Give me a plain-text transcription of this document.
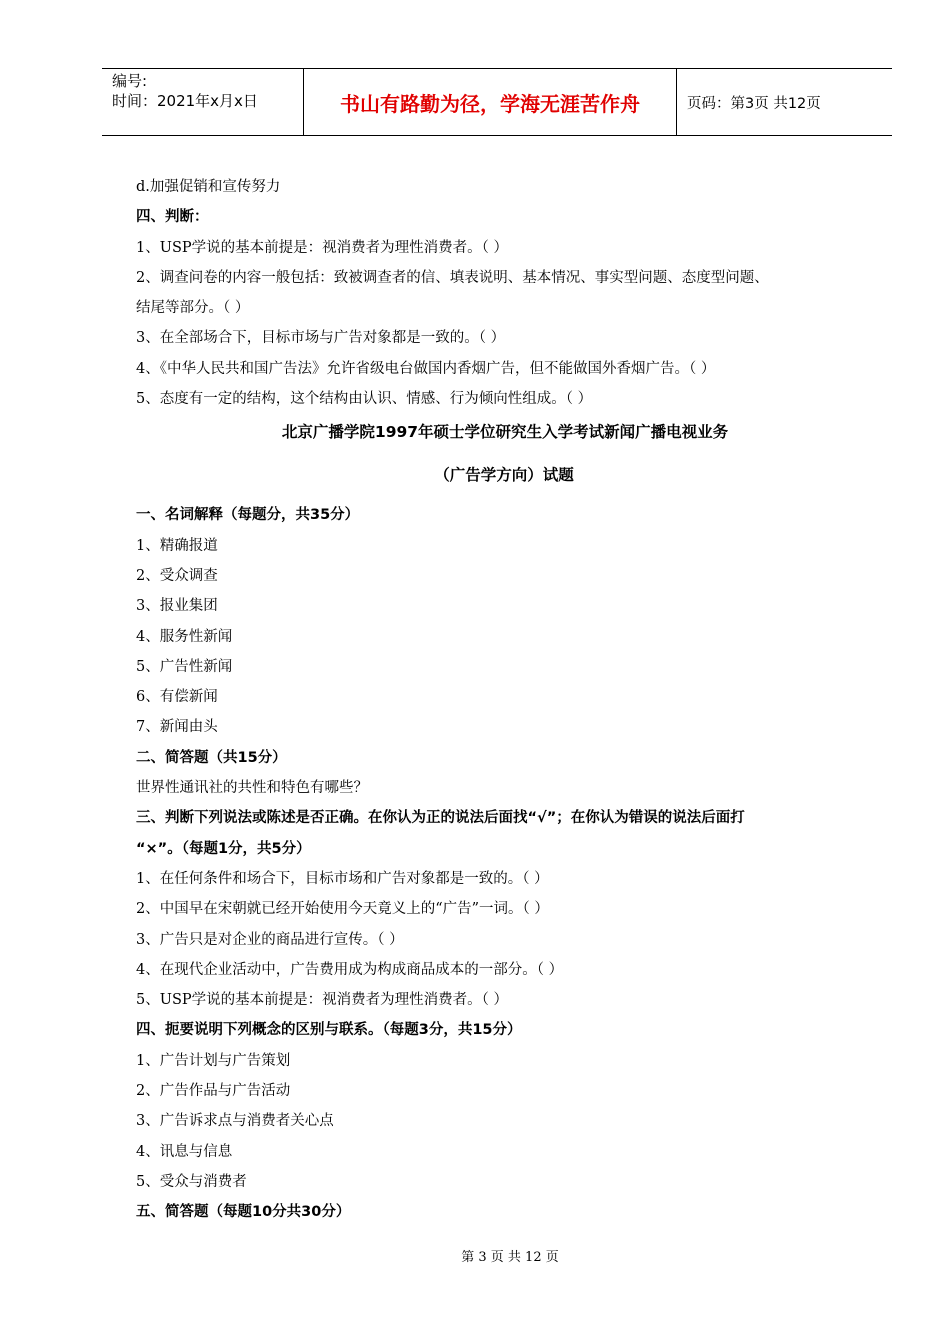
编号:
时间：2021年x月x日	书山有路勤为径，学海无涯苦作舟	页码：第3页 共12页
d.加强促销和宣传努力
四、判断：
1、USP学说的基本前提是：视消费者为理性消费者。（ ）
2、调查问卷的内容一般包括：致被调查者的信、填表说明、基本情况、事实型问题、态度型问题、
结尾等部分。（ ）
3、在全部场合下，目标市场与广告对象都是一致的。（ ）
4、《中华人民共和国广告法》允许省级电台做国内香烟广告，但不能做国外香烟广告。（ ）
5、态度有一定的结构，这个结构由认识、情感、行为倾向性组成。（ ）
北京广播学院1997年硕士学位研究生入学考试新闻广播电视业务
（广告学方向）试题
一、名词解释（每题分，共35分）
1、精确报道
2、受众调查
3、报业集团
4、服务性新闻
5、广告性新闻
6、有偿新闻
7、新闻由头
二、简答题（共15分）
世界性通讯社的共性和特色有哪些？
三、判断下列说法或陈述是否正确。在你认为正的说法后面找“√”；在你认为错误的说法后面打
“×”。（每题1分，共5分）
1、在任何条件和场合下，目标市场和广告对象都是一致的。（ ）
2、中国早在宋朝就已经开始使用今天竟义上的“广告”一词。（ ）
3、广告只是对企业的商品进行宣传。（ ）
4、在现代企业活动中，广告费用成为构成商品成本的一部分。（ ）
5、USP学说的基本前提是：视消费者为理性消费者。（ ）
四、扼要说明下列概念的区别与联系。（每题3分，共15分）
1、广告计划与广告策划
2、广告作品与广告活动
3、广告诉求点与消费者关心点
4、讯息与信息
5、受众与消费者
五、简答题（每题10分共30分）
第 3 页 共 12 页
